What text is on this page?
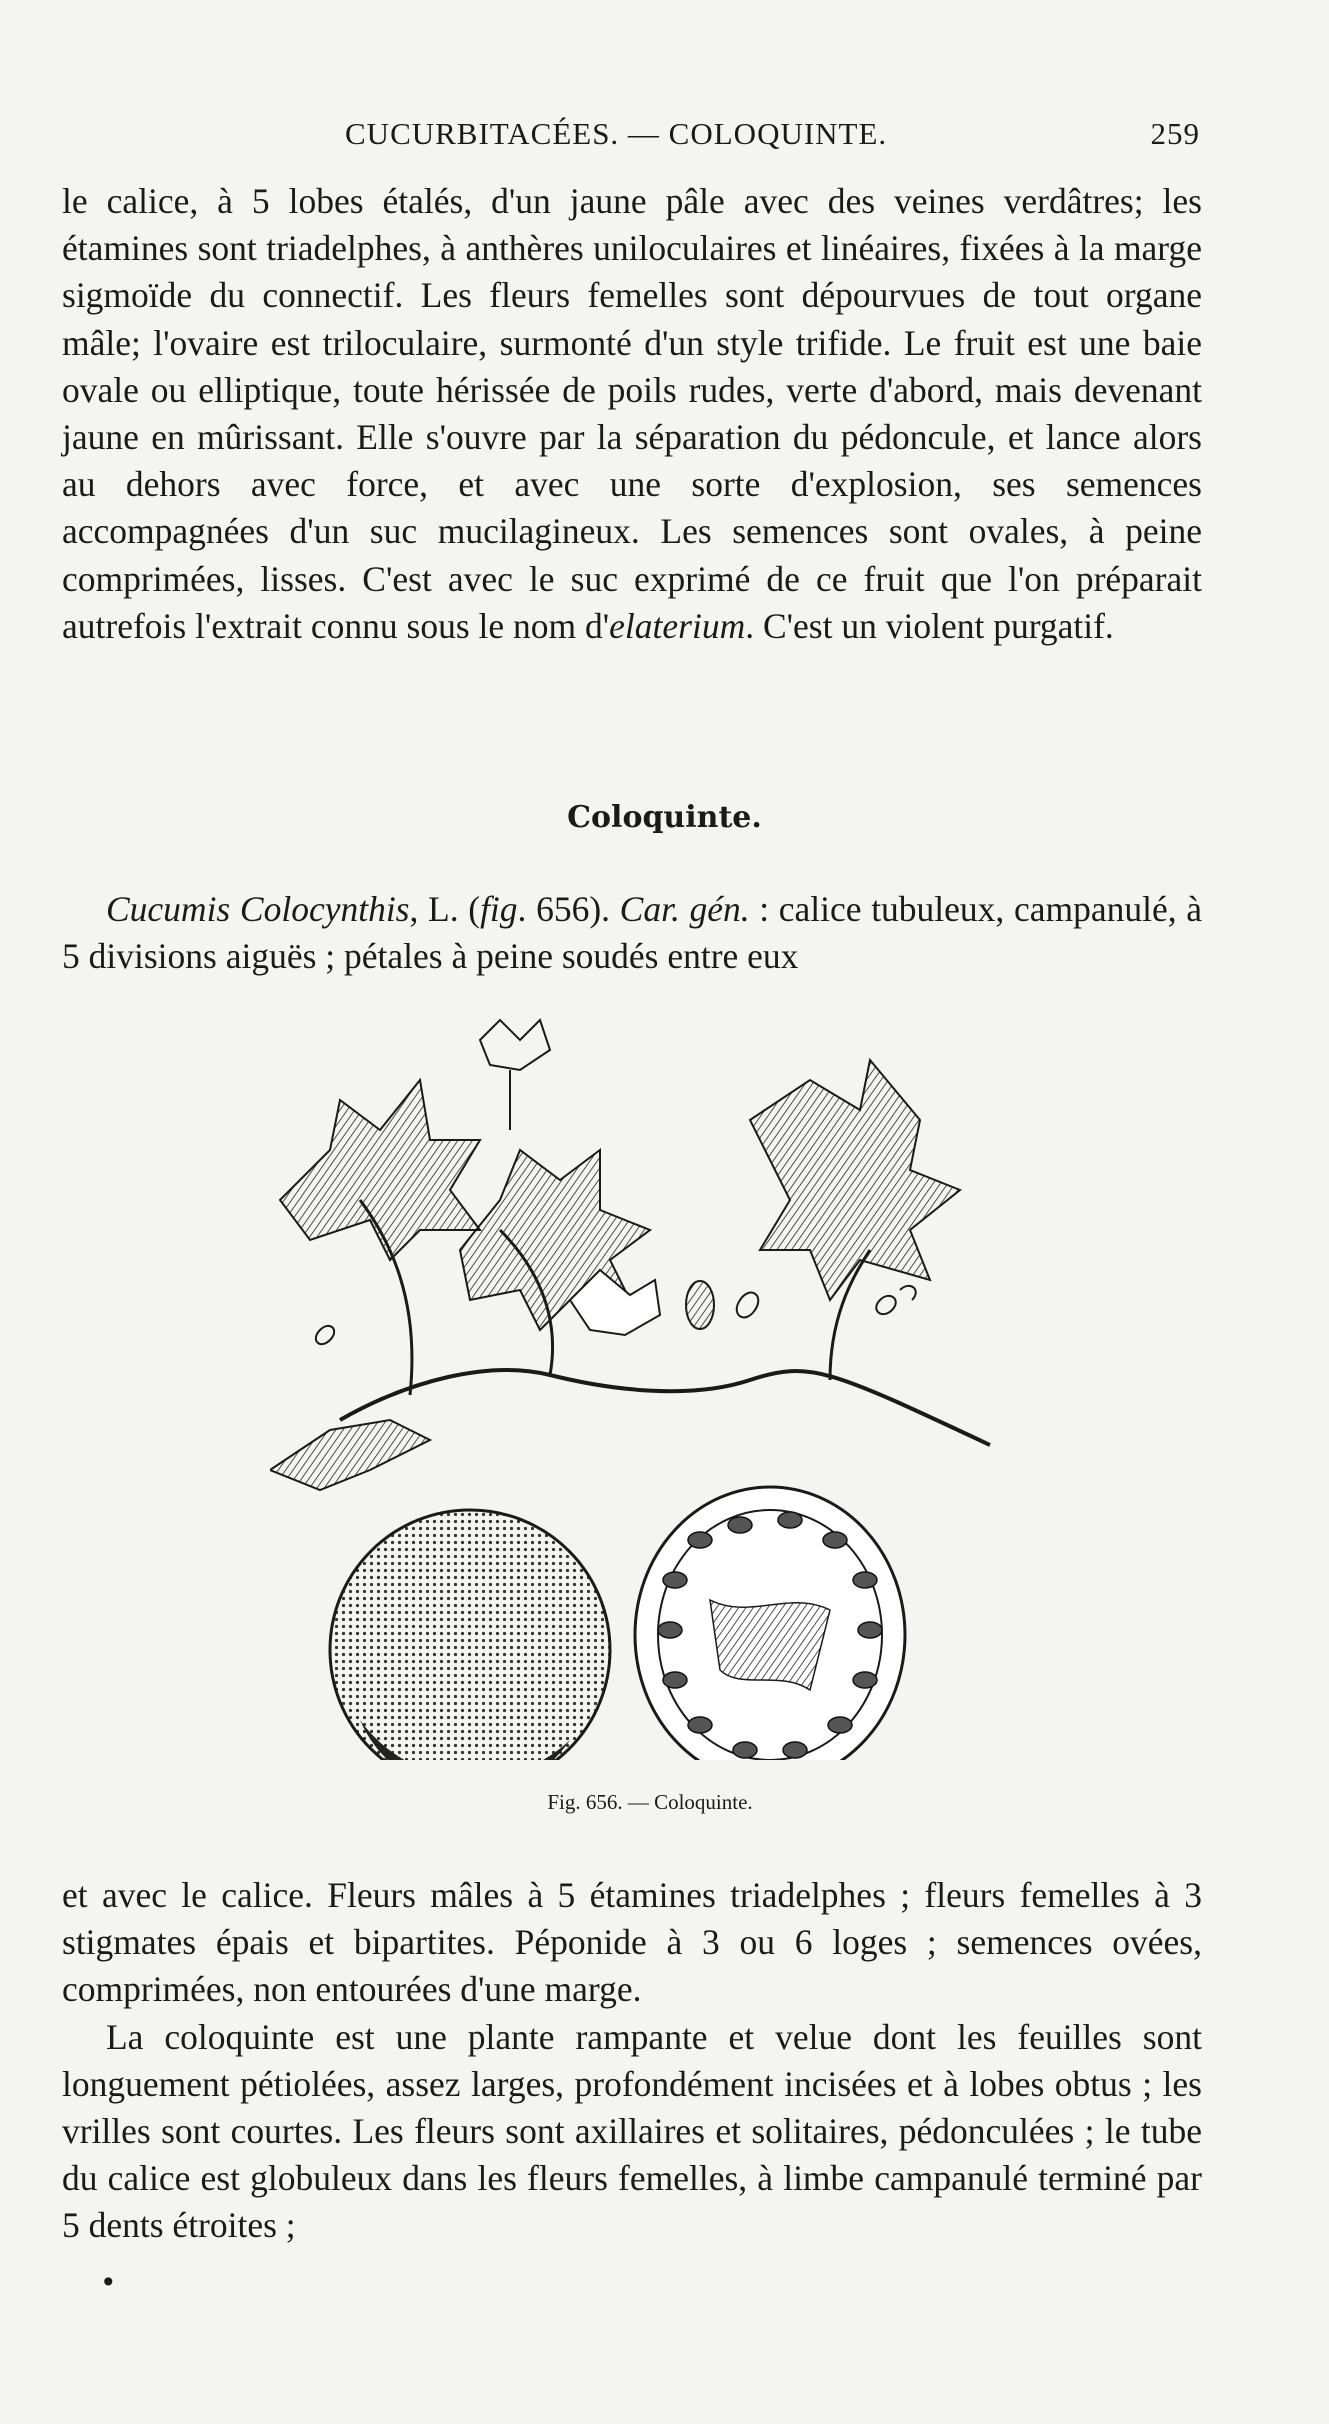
CUCURBITACÉES. — COLOQUINTE.	259

le calice, à 5 lobes étalés, d'un jaune pâle avec des veines verdâtres; les étamines sont triadelphes, à anthères uniloculaires et linéaires, fixées à la marge sigmoïde du connectif. Les fleurs femelles sont dépourvues de tout organe mâle; l'ovaire est triloculaire, surmonté d'un style trifide. Le fruit est une baie ovale ou elliptique, toute hérissée de poils rudes, verte d'abord, mais devenant jaune en mûrissant. Elle s'ouvre par la séparation du pédoncule, et lance alors au dehors avec force, et avec une sorte d'explosion, ses semences accompagnées d'un suc mucilagineux. Les semences sont ovales, à peine comprimées, lisses. C'est avec le suc exprimé de ce fruit que l'on préparait autrefois l'extrait connu sous le nom d'elaterium. C'est un violent purgatif.

Coloquinte.

Cucumis Colocynthis, L. (fig. 656). Car. gén. : calice tubuleux, campanulé, à 5 divisions aiguës ; pétales à peine soudés entre eux

Fig. 656. — Coloquinte.

et avec le calice. Fleurs mâles à 5 étamines triadelphes ; fleurs femelles à 3 stigmates épais et bipartites. Péponide à 3 ou 6 loges ; semences ovées, comprimées, non entourées d'une marge.

La coloquinte est une plante rampante et velue dont les feuilles sont longuement pétiolées, assez larges, profondément incisées et à lobes obtus ; les vrilles sont courtes. Les fleurs sont axillaires et solitaires, pédonculées ; le tube du calice est globuleux dans les fleurs femelles, à limbe campanulé terminé par 5 dents étroites ;

•
